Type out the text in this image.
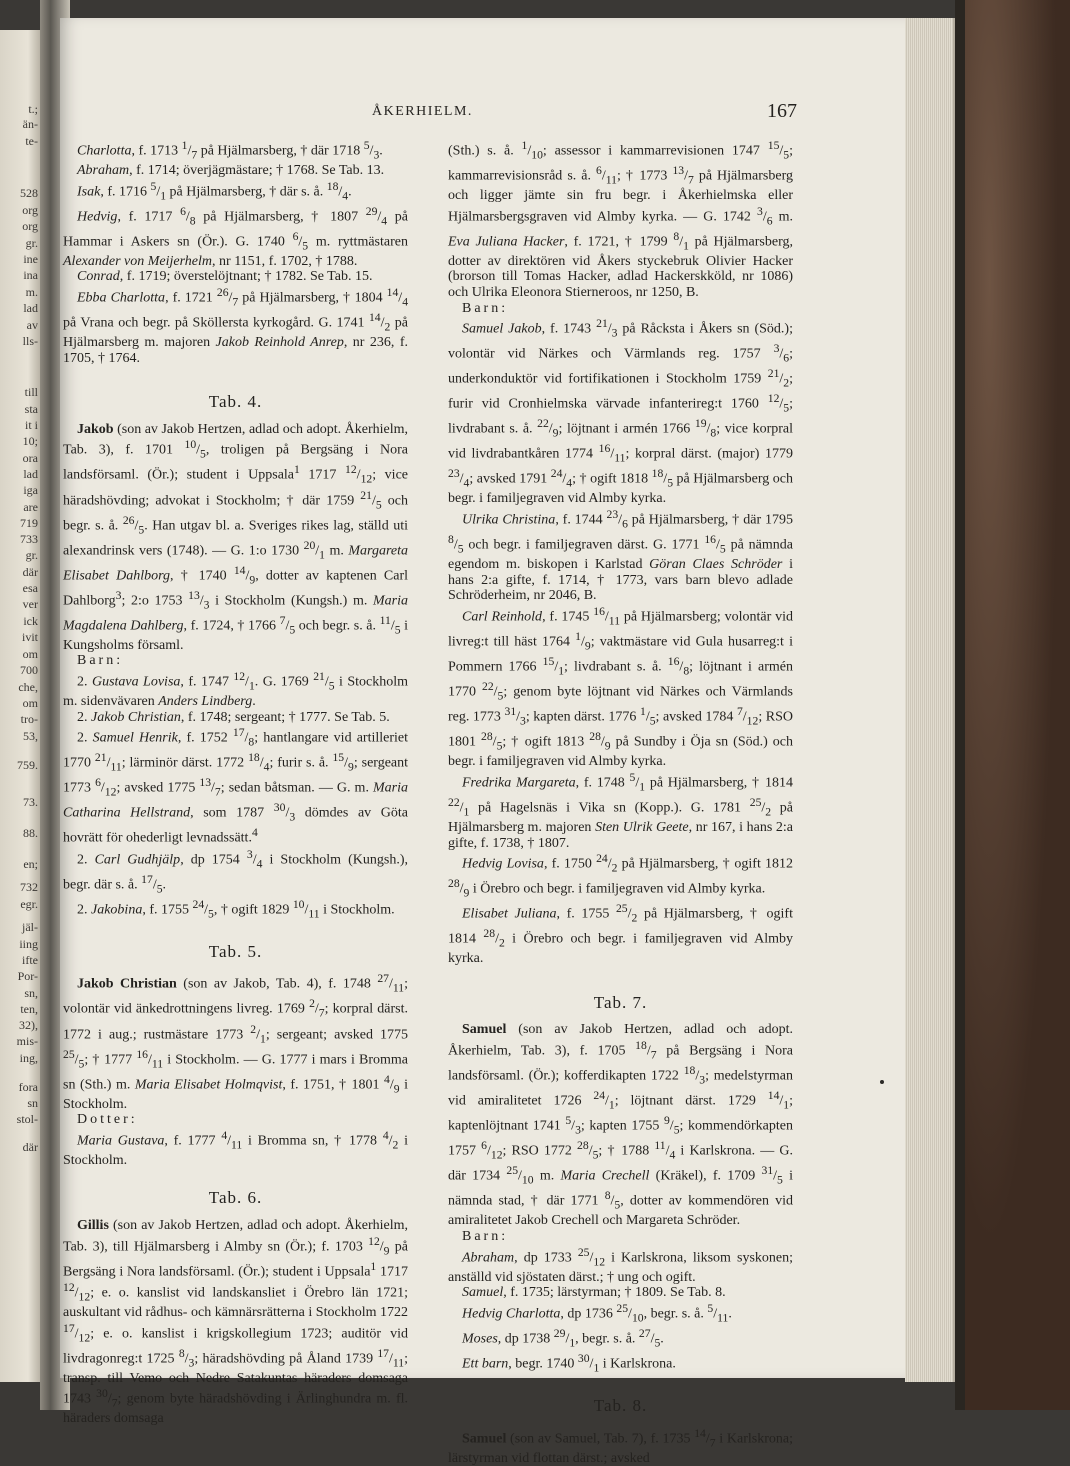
t.;
än-
te-
528
org
org
gr.
ine
ina
m.
lad
av
lls-
till
sta
it i
10;
ora
lad
iga
are
719
733
gr.
där
esa
ver
ick
ivit
om
700
che,
om
tro-
53,
759.
73.
88.
en;
732
egr.
jäl-
iing
ifte
Por-
sn,
ten,
32),
mis-
ing,
fora
sn
stol-
där
ÅKERHIELM.	167

Charlotta, f. 1713 $^1/_7$ på Hjälmarsberg, † där 1718 $^5/_3$.

Abraham, f. 1714; överjägmästare; † 1768. Se Tab. 13.

Isak, f. 1716 $^5/_1$ på Hjälmarsberg, † där s. å. $^{18}/_4$.

Hedvig, f. 1717 $^6/_8$ på Hjälmarsberg, † 1807 $^{29}/_4$ på Hammar i Askers sn (Ör.). G. 1740 $^6/_5$ m. ryttmästaren Alexander von Meijerhelm, nr 1151, f. 1702, † 1788.

Conrad, f. 1719; överstelöjtnant; † 1782. Se Tab. 15.

Ebba Charlotta, f. 1721 $^{26}/_7$ på Hjälmarsberg, † 1804 $^{14}/_4$ på Vrana och begr. på Sköllersta kyrkogård. G. 1741 $^{14}/_2$ på Hjälmarsberg m. majoren Jakob Reinhold Anrep, nr 236, f. 1705, † 1764.

Tab. 4.

Jakob (son av Jakob Hertzen, adlad och adopt. Åkerhielm, Tab. 3), f. 1701 $^{10}/_5$, troligen på Bergsäng i Nora landsförsaml. (Ör.); student i Uppsala$^1$ 1717 $^{12}/_{12}$; vice häradshövding; advokat i Stockholm; † där 1759 $^{21}/_5$ och begr. s. å. $^{26}/_5$. Han utgav bl. a. Sveriges rikes lag, ställd uti alexandrinsk vers (1748). — G. 1:o 1730 $^{20}/_1$ m. Margareta Elisabet Dahlborg, † 1740 $^{14}/_9$, dotter av kaptenen Carl Dahlborg$^3$; 2:o 1753 $^{13}/_3$ i Stockholm (Kungsh.) m. Maria Magdalena Dahlberg, f. 1724, † 1766 $^7/_5$ och begr. s. å. $^{11}/_5$ i Kungsholms församl.

Barn:

2. Gustava Lovisa, f. 1747 $^{12}/_1$. G. 1769 $^{21}/_5$ i Stockholm m. sidenvävaren Anders Lindberg.

2. Jakob Christian, f. 1748; sergeant; † 1777. Se Tab. 5.

2. Samuel Henrik, f. 1752 $^{17}/_8$; hantlangare vid artilleriet 1770 $^{21}/_{11}$; lärminör därst. 1772 $^{18}/_4$; furir s. å. $^{15}/_9$; sergeant 1773 $^6/_{12}$; avsked 1775 $^{13}/_7$; sedan båtsman. — G. m. Maria Catharina Hellstrand, som 1787 $^{30}/_3$ dömdes av Göta hovrätt för ohederligt levnadssätt.$^4$

2. Carl Gudhjälp, dp 1754 $^3/_4$ i Stockholm (Kungsh.), begr. där s. å. $^{17}/_5$.

2. Jakobina, f. 1755 $^{24}/_5$, † ogift 1829 $^{10}/_{11}$ i Stockholm.

Tab. 5.

Jakob Christian (son av Jakob, Tab. 4), f. 1748 $^{27}/_{11}$; volontär vid änkedrottningens livreg. 1769 $^2/_7$; korpral därst. 1772 i aug.; rustmästare 1773 $^2/_1$; sergeant; avsked 1775 $^{25}/_5$; † 1777 $^{16}/_{11}$ i Stockholm. — G. 1777 i mars i Bromma sn (Sth.) m. Maria Elisabet Holmqvist, f. 1751, † 1801 $^4/_9$ i Stockholm.

Dotter:

Maria Gustava, f. 1777 $^4/_{11}$ i Bromma sn, † 1778 $^4/_2$ i Stockholm.

Tab. 6.

Gillis (son av Jakob Hertzen, adlad och adopt. Åkerhielm, Tab. 3), till Hjälmarsberg i Almby sn (Ör.); f. 1703 $^{12}/_9$ på Bergsäng i Nora landsförsaml. (Ör.); student i Uppsala$^1$ 1717 $^{12}/_{12}$; e. o. kanslist vid landskansliet i Örebro län 1721; auskultant vid rådhus- och kämnärsrätterna i Stockholm 1722 $^{17}/_{12}$; e. o. kanslist i krigskollegium 1723; auditör vid livdragonreg:t 1725 $^8/_3$; häradshövding på Åland 1739 $^{17}/_{11}$; transp. till Vemo och Nedre Satakuntas häraders domsaga 1743 $^{30}/_7$; genom byte häradshövding i Ärlinghundra m. fl. häraders domsaga

(Sth.) s. å. $^1/_{10}$; assessor i kammarrevisionen 1747 $^{15}/_5$; kammarrevisionsråd s. å. $^6/_{11}$; † 1773 $^{13}/_7$ på Hjälmarsberg och ligger jämte sin fru begr. i Åkerhielmska eller Hjälmarsbergsgraven vid Almby kyrka. — G. 1742 $^3/_6$ m. Eva Juliana Hacker, f. 1721, † 1799 $^8/_1$ på Hjälmarsberg, dotter av direktören vid Åkers styckebruk Olivier Hacker (brorson till Tomas Hacker, adlad Hackerskköld, nr 1086) och Ulrika Eleonora Stierneroos, nr 1250, B.

Barn:

Samuel Jakob, f. 1743 $^{21}/_3$ på Råcksta i Åkers sn (Söd.); volontär vid Närkes och Värmlands reg. 1757 $^3/_6$; underkonduktör vid fortifikationen i Stockholm 1759 $^{21}/_2$; furir vid Cronhielmska värvade infanterireg:t 1760 $^{12}/_5$; livdrabant s. å. $^{22}/_9$; löjtnant i armén 1766 $^{19}/_8$; vice korpral vid livdrabantkåren 1774 $^{16}/_{11}$; korpral därst. (major) 1779 $^{23}/_4$; avsked 1791 $^{24}/_4$; † ogift 1818 $^{18}/_5$ på Hjälmarsberg och begr. i familjegraven vid Almby kyrka.

Ulrika Christina, f. 1744 $^{23}/_6$ på Hjälmarsberg, † där 1795 $^8/_5$ och begr. i familjegraven därst. G. 1771 $^{16}/_5$ på nämnda egendom m. biskopen i Karlstad Göran Claes Schröder i hans 2:a gifte, f. 1714, † 1773, vars barn blevo adlade Schröderheim, nr 2046, B.

Carl Reinhold, f. 1745 $^{16}/_{11}$ på Hjälmarsberg; volontär vid livreg:t till häst 1764 $^1/_9$; vaktmästare vid Gula husarreg:t i Pommern 1766 $^{15}/_1$; livdrabant s. å. $^{16}/_8$; löjtnant i armén 1770 $^{22}/_5$; genom byte löjtnant vid Närkes och Värmlands reg. 1773 $^{31}/_3$; kapten därst. 1776 $^1/_5$; avsked 1784 $^7/_{12}$; RSO 1801 $^{28}/_5$; † ogift 1813 $^{28}/_9$ på Sundby i Öja sn (Söd.) och begr. i familjegraven vid Almby kyrka.

Fredrika Margareta, f. 1748 $^5/_1$ på Hjälmarsberg, † 1814 $^{22}/_1$ på Hagelsnäs i Vika sn (Kopp.). G. 1781 $^{25}/_2$ på Hjälmarsberg m. majoren Sten Ulrik Geete, nr 167, i hans 2:a gifte, f. 1738, † 1807.

Hedvig Lovisa, f. 1750 $^{24}/_2$ på Hjälmarsberg, † ogift 1812 $^{28}/_9$ i Örebro och begr. i familjegraven vid Almby kyrka.

Elisabet Juliana, f. 1755 $^{25}/_2$ på Hjälmarsberg, † ogift 1814 $^{28}/_2$ i Örebro och begr. i familjegraven vid Almby kyrka.

Tab. 7.

Samuel (son av Jakob Hertzen, adlad och adopt. Åkerhielm, Tab. 3), f. 1705 $^{18}/_7$ på Bergsäng i Nora landsförsaml. (Ör.); kofferdikapten 1722 $^{18}/_3$; medelstyrman vid amiralitetet 1726 $^{24}/_1$; löjtnant därst. 1729 $^{14}/_1$; kaptenlöjtnant 1741 $^5/_3$; kapten 1755 $^9/_5$; kommendörkapten 1757 $^6/_{12}$; RSO 1772 $^{28}/_5$; † 1788 $^{11}/_4$ i Karlskrona. — G. där 1734 $^{25}/_{10}$ m. Maria Crechell (Kräkel), f. 1709 $^{31}/_5$ i nämnda stad, † där 1771 $^8/_5$, dotter av kommendören vid amiralitetet Jakob Crechell och Margareta Schröder.

Barn:

Abraham, dp 1733 $^{25}/_{12}$ i Karlskrona, liksom syskonen; anställd vid sjöstaten därst.; † ung och ogift.

Samuel, f. 1735; lärstyrman; † 1809. Se Tab. 8.

Hedvig Charlotta, dp 1736 $^{25}/_{10}$, begr. s. å. $^5/_{11}$.

Moses, dp 1738 $^{29}/_1$, begr. s. å. $^{27}/_5$.

Ett barn, begr. 1740 $^{30}/_1$ i Karlskrona.

Tab. 8.

Samuel (son av Samuel, Tab. 7), f. 1735 $^{14}/_7$ i Karlskrona; lärstyrman vid flottan därst.; avsked
